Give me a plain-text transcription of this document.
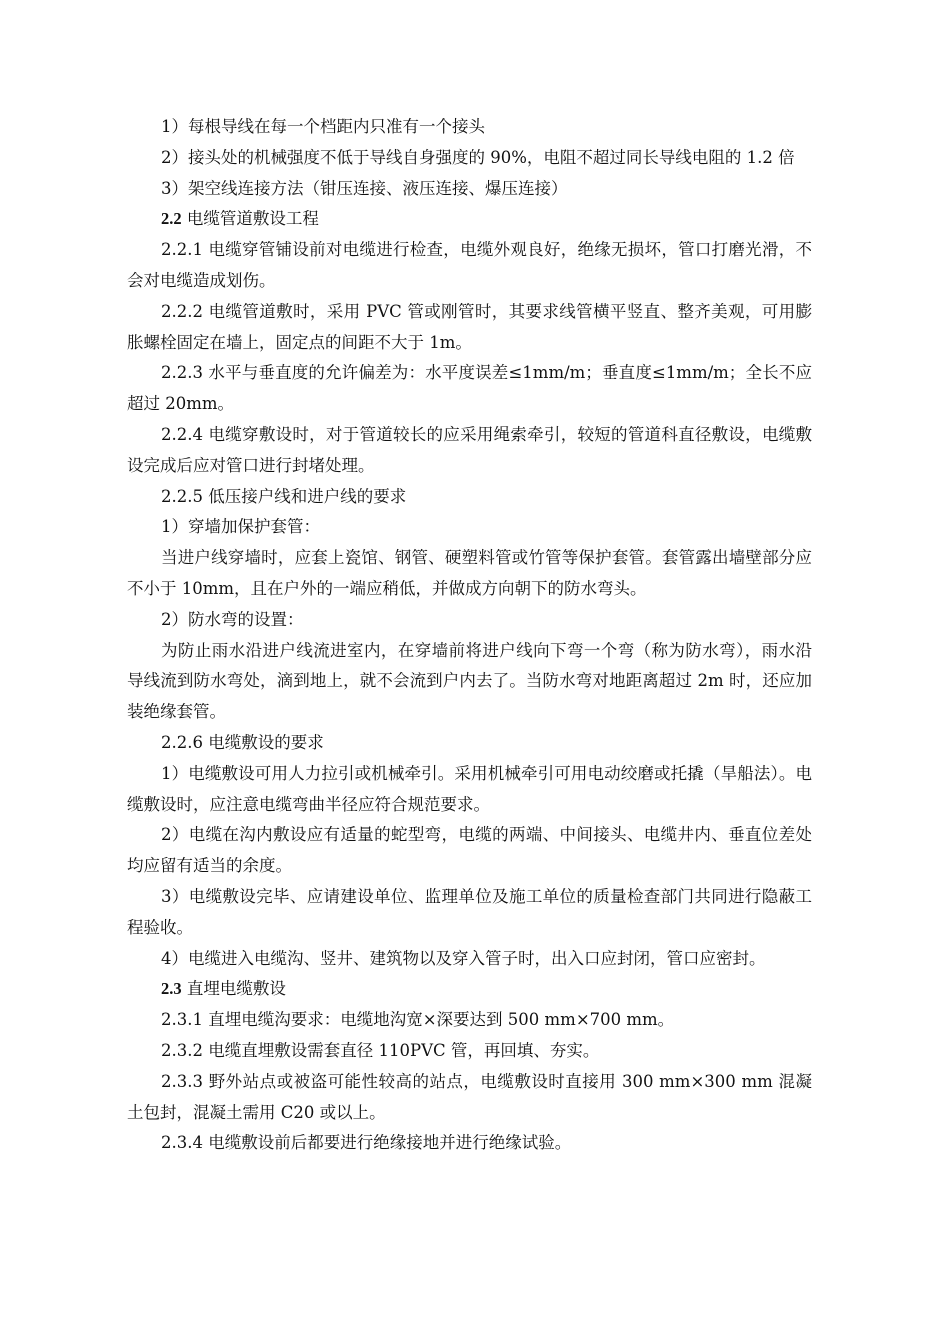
1）每根导线在每一个档距内只准有一个接头

2）接头处的机械强度不低于导线自身强度的 90%，电阻不超过同长导线电阻的 1.2 倍

3）架空线连接方法（钳压连接、液压连接、爆压连接）

2.2 电缆管道敷设工程

2.2.1 电缆穿管铺设前对电缆进行检查，电缆外观良好，绝缘无损坏，管口打磨光滑，不会对电缆造成划伤。

2.2.2 电缆管道敷时，采用 PVC 管或刚管时，其要求线管横平竖直、整齐美观，可用膨胀螺栓固定在墙上，固定点的间距不大于 1m。

2.2.3 水平与垂直度的允许偏差为：水平度误差≤1mm/m；垂直度≤1mm/m；全长不应超过 20mm。

2.2.4 电缆穿敷设时，对于管道较长的应采用绳索牵引，较短的管道科直径敷设，电缆敷设完成后应对管口进行封堵处理。

2.2.5 低压接户线和进户线的要求

1）穿墙加保护套管：

当进户线穿墙时，应套上瓷馆、钢管、硬塑料管或竹管等保护套管。套管露出墙壁部分应不小于 10mm，且在户外的一端应稍低，并做成方向朝下的防水弯头。

2）防水弯的设置：

为防止雨水沿进户线流进室内，在穿墙前将进户线向下弯一个弯（称为防水弯），雨水沿导线流到防水弯处，滴到地上，就不会流到户内去了。当防水弯对地距离超过 2m 时，还应加装绝缘套管。

2.2.6 电缆敷设的要求

1）电缆敷设可用人力拉引或机械牵引。采用机械牵引可用电动绞磨或托撬（旱船法）。电缆敷设时，应注意电缆弯曲半径应符合规范要求。

2）电缆在沟内敷设应有适量的蛇型弯，电缆的两端、中间接头、电缆井内、垂直位差处均应留有适当的余度。

3）电缆敷设完毕、应请建设单位、监理单位及施工单位的质量检查部门共同进行隐蔽工程验收。

4）电缆进入电缆沟、竖井、建筑物以及穿入管子时，出入口应封闭，管口应密封。

2.3 直埋电缆敷设

2.3.1 直埋电缆沟要求：电缆地沟宽×深要达到 500 mm×700 mm。

2.3.2 电缆直埋敷设需套直径 110PVC 管，再回填、夯实。

2.3.3 野外站点或被盗可能性较高的站点，电缆敷设时直接用 300 mm×300 mm 混凝土包封，混凝土需用 C20 或以上。

2.3.4 电缆敷设前后都要进行绝缘接地并进行绝缘试验。
